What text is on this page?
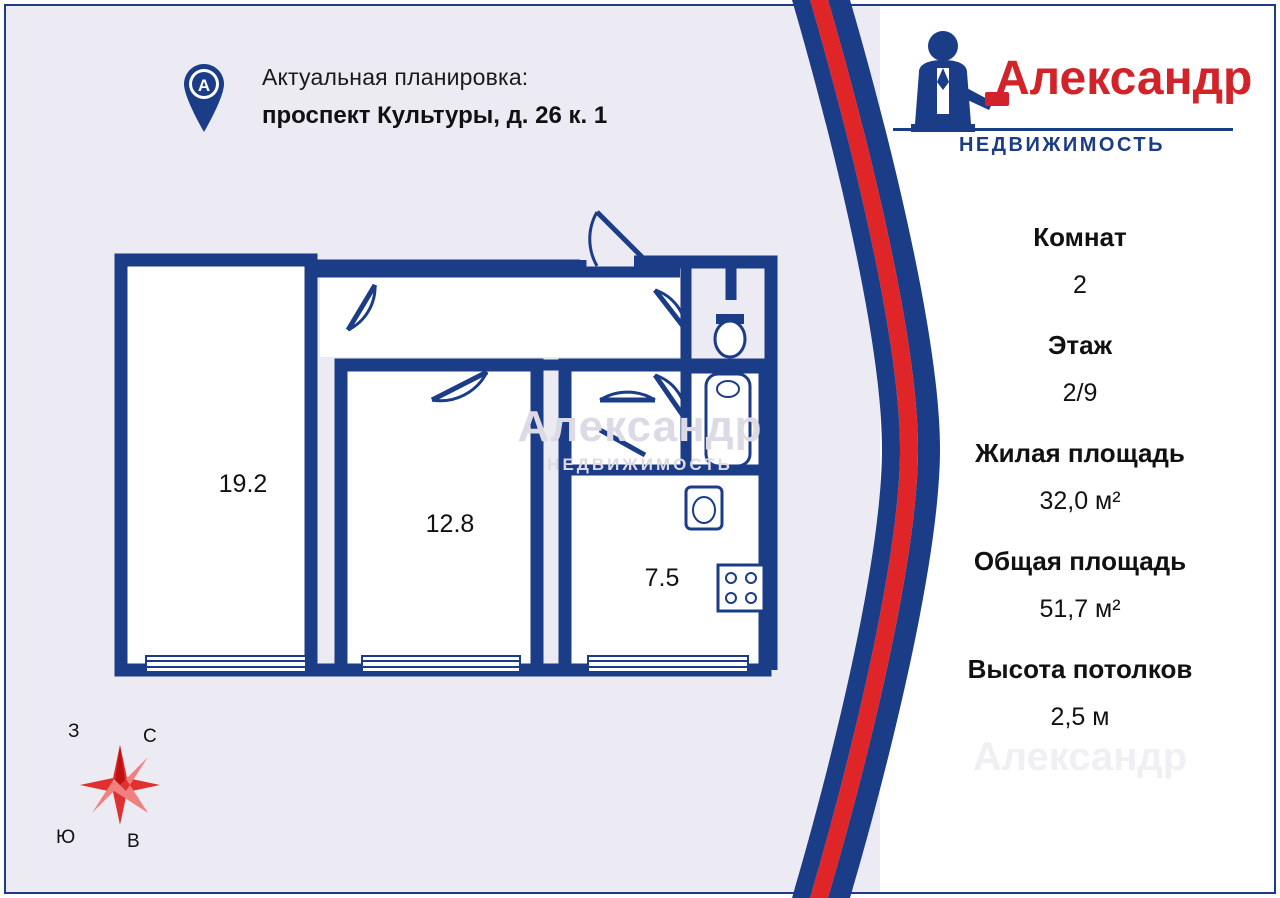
19.2
12.8
7.5
A Актуальная планировка:
проспект Культуры, д. 26 к. 1
Александр
НЕДВИЖИМОСТЬ
Александр
С
З
Ю	В
Александр
НЕДВИЖИМОСТЬ
Комнат
2
Этаж
2/9
Жилая площадь
32,0 м²
Общая площадь
51,7 м²
Высота потолков
2,5 м
